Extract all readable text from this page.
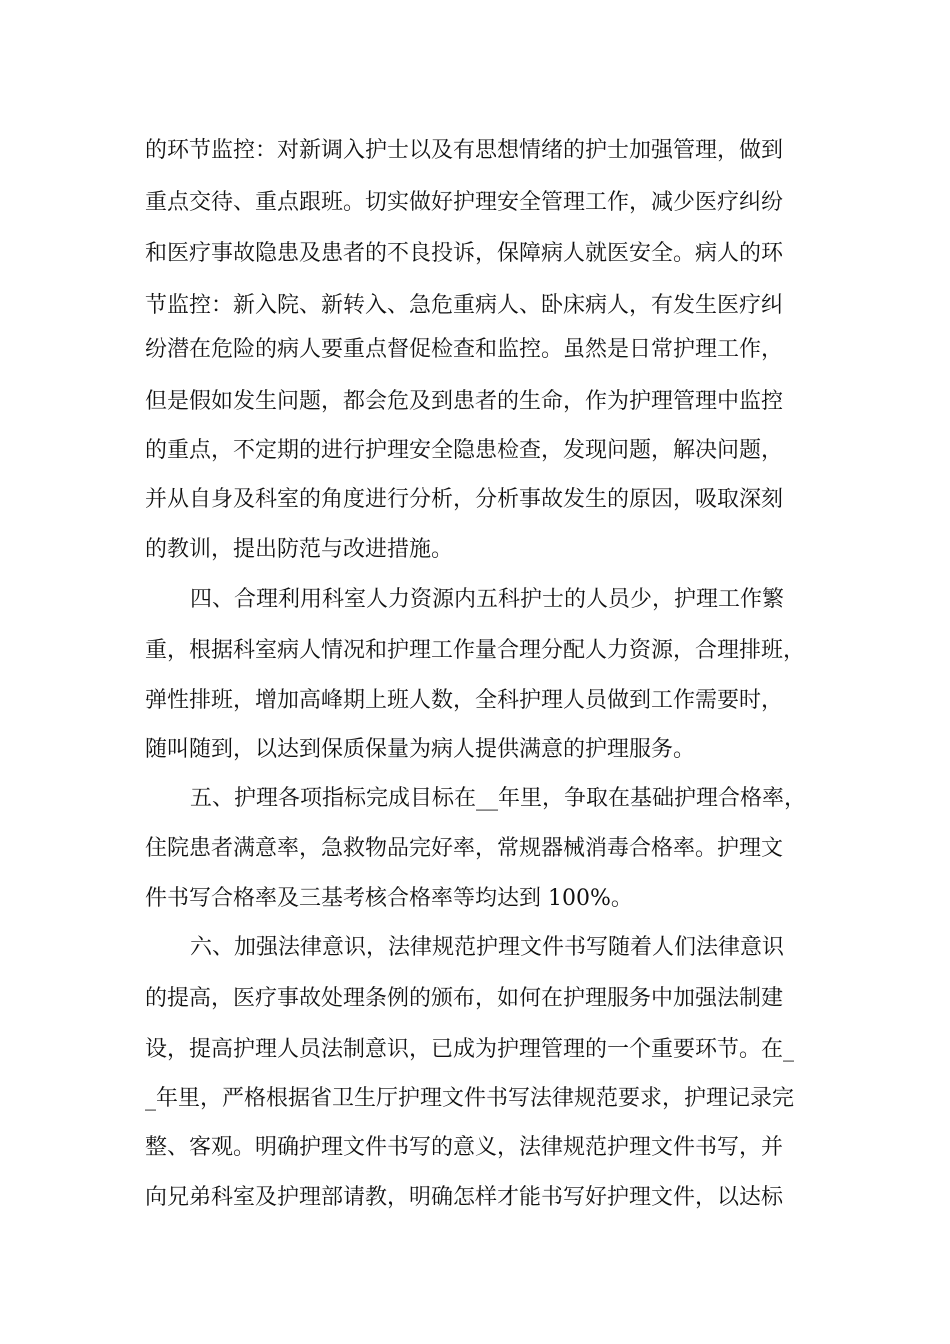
的环节监控：对新调入护士以及有思想情绪的护士加强管理，做到
重点交待、重点跟班。切实做好护理安全管理工作，减少医疗纠纷
和医疗事故隐患及患者的不良投诉，保障病人就医安全。病人的环
节监控：新入院、新转入、急危重病人、卧床病人，有发生医疗纠
纷潜在危险的病人要重点督促检查和监控。虽然是日常护理工作，
但是假如发生问题，都会危及到患者的生命，作为护理管理中监控
的重点，不定期的进行护理安全隐患检查，发现问题，解决问题，
并从自身及科室的角度进行分析，分析事故发生的原因，吸取深刻
的教训，提出防范与改进措施。
四、合理利用科室人力资源内五科护士的人员少，护理工作繁
重，根据科室病人情况和护理工作量合理分配人力资源，合理排班，
弹性排班，增加高峰期上班人数，全科护理人员做到工作需要时，
随叫随到，以达到保质保量为病人提供满意的护理服务。
五、护理各项指标完成目标在__年里，争取在基础护理合格率，
住院患者满意率，急救物品完好率，常规器械消毒合格率。护理文
件书写合格率及三基考核合格率等均达到 100%。
六、加强法律意识，法律规范护理文件书写随着人们法律意识
的提高，医疗事故处理条例的颁布，如何在护理服务中加强法制建
设，提高护理人员法制意识，已成为护理管理的一个重要环节。在_
_年里，严格根据省卫生厅护理文件书写法律规范要求，护理记录完
整、客观。明确护理文件书写的意义，法律规范护理文件书写，并
向兄弟科室及护理部请教，明确怎样才能书写好护理文件，以达标
